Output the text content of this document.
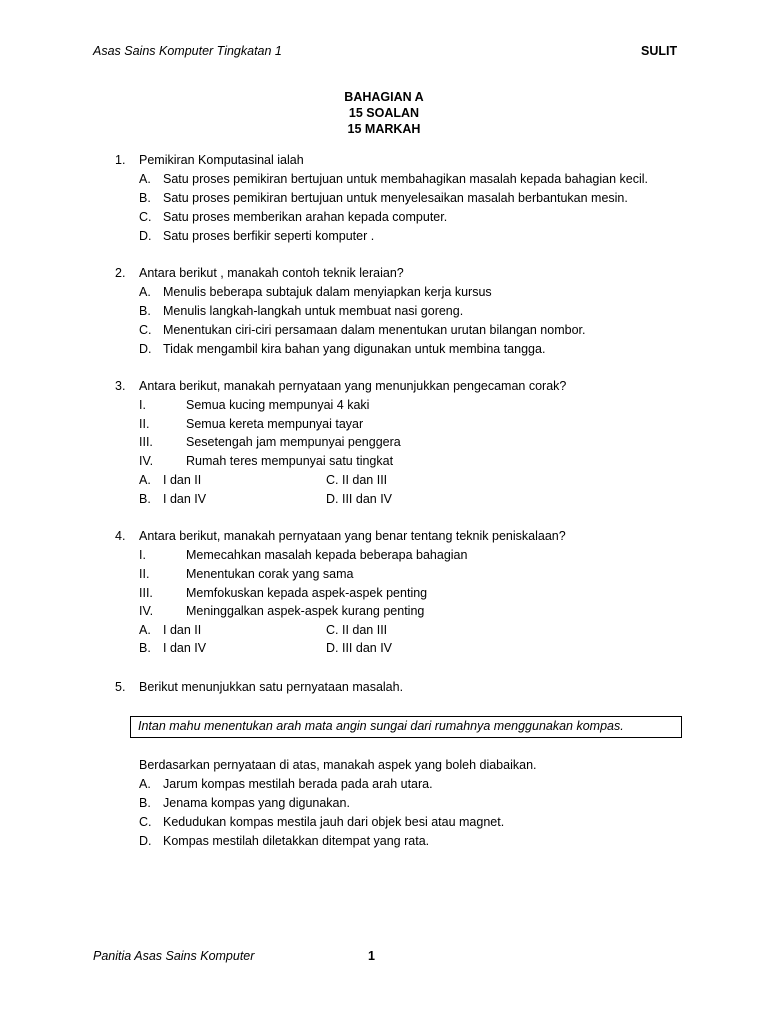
Asas Sains Komputer Tingkatan 1	SULIT
BAHAGIAN A
15 SOALAN
15 MARKAH
1. Pemikiran Komputasinal ialah
A. Satu proses pemikiran bertujuan untuk membahagikan masalah kepada bahagian kecil.
B. Satu proses pemikiran bertujuan untuk menyelesaikan masalah berbantukan mesin.
C. Satu proses memberikan arahan kepada computer.
D. Satu proses berfikir seperti komputer .
2. Antara berikut , manakah contoh teknik leraian?
A. Menulis beberapa subtajuk dalam menyiapkan kerja kursus
B. Menulis langkah-langkah untuk membuat nasi goreng.
C. Menentukan ciri-ciri persamaan dalam menentukan urutan bilangan nombor.
D. Tidak mengambil kira bahan yang digunakan untuk membina tangga.
3. Antara berikut, manakah pernyataan yang menunjukkan pengecaman corak?
I.	Semua kucing mempunyai 4 kaki
II.	Semua kereta mempunyai tayar
III.	Sesetengah jam mempunyai penggera
IV.	Rumah teres mempunyai satu tingkat
A. I dan II	C. II dan III
B. I dan IV	D. III dan IV
4. Antara berikut, manakah pernyataan yang benar tentang teknik peniskalaan?
I.	Memecahkan masalah kepada beberapa bahagian
II.	Menentukan corak yang sama
III.	Memfokuskan kepada aspek-aspek penting
IV.	Meninggalkan aspek-aspek kurang penting
A. I dan II	C. II dan III
B. I dan IV	D. III dan IV
5. Berikut menunjukkan satu pernyataan masalah.
Intan mahu menentukan arah mata angin sungai dari rumahnya menggunakan kompas.
Berdasarkan pernyataan di atas, manakah aspek yang boleh diabaikan.
A. Jarum kompas mestilah berada pada arah utara.
B. Jenama kompas yang digunakan.
C. Kedudukan kompas mestila jauh dari objek besi atau magnet.
D. Kompas mestilah diletakkan ditempat yang rata.
Panitia Asas Sains Komputer	1
